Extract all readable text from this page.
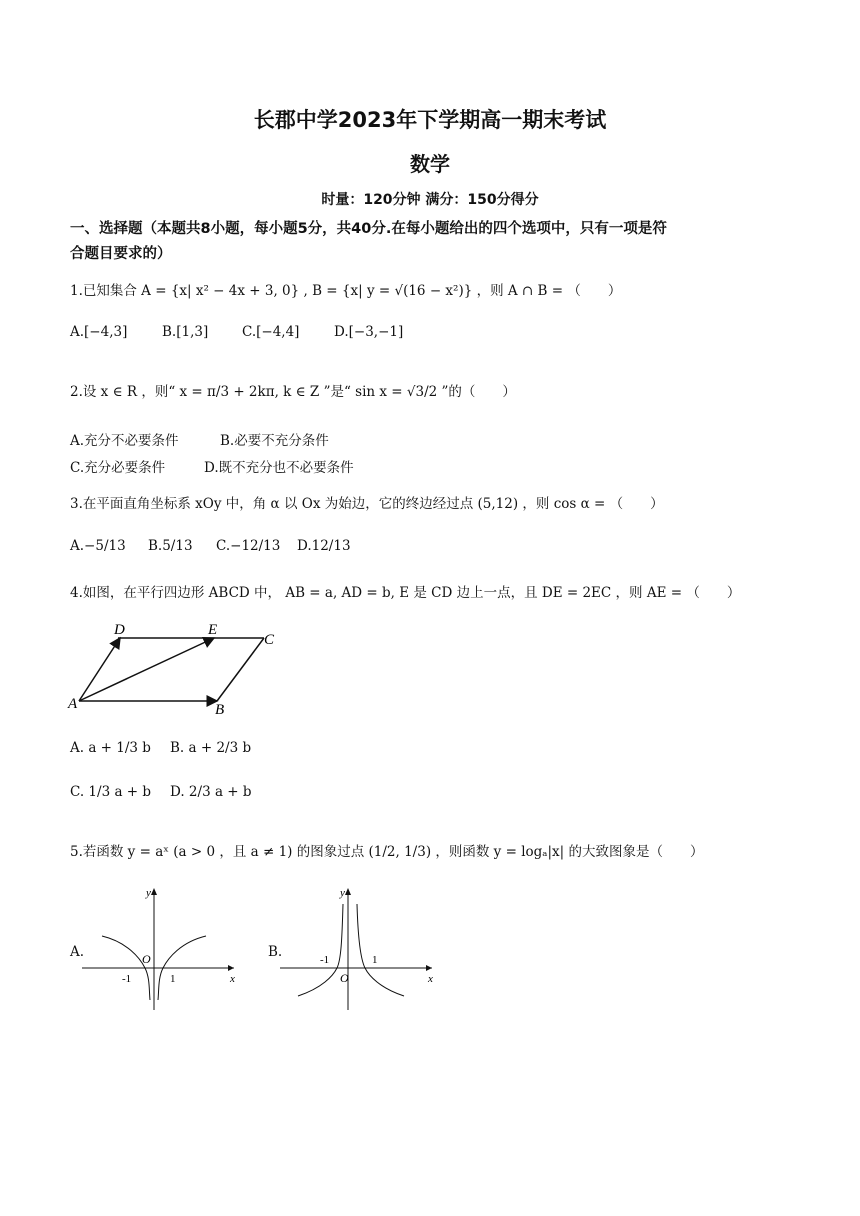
长郡中学2023年下学期高一期末考试
数学
时量：120分钟 满分：150分得分
一、选择题（本题共8小题，每小题5分，共40分.在每小题给出的四个选项中，只有一项是符
合题目要求的）
1.已知集合 A = {x| x² − 4x + 3, 0} , B = {x| y = √(16 − x²)} ，则 A ∩ B = （　　）
A.[−4,3]	B.[1,3]	C.[−4,4]	D.[−3,−1]
2.设 x ∈ R ，则“ x = π/3 + 2kπ, k ∈ Z ”是“ sin x = √3/2 ”的（　　）
A.充分不必要条件	B.必要不充分条件
C.充分必要条件	D.既不充分也不必要条件
3.在平面直角坐标系 xOy 中，角 α 以 Ox 为始边，它的终边经过点 (5,12) ，则 cos α = （　　）
A.−5/13 B.5/13 C.−12/13 D.12/13
4.如图，在平行四边形 ABCD 中， AB = a, AD = b, E 是 CD 边上一点，且 DE = 2EC ，则 AE = （　　）
D	E
C
A	B
A. a + 1/3 b B. a + 2/3 b
C. 1/3 a + b D. 2/3 a + b
5.若函数 y = aˣ (a > 0 ，且 a ≠ 1) 的图象过点 (1/2, 1/3) ，则函数 y = logₐ|x| 的大致图象是（　　）
A.
y
x
O
-1	1
B.
y
x
O
-1	1
